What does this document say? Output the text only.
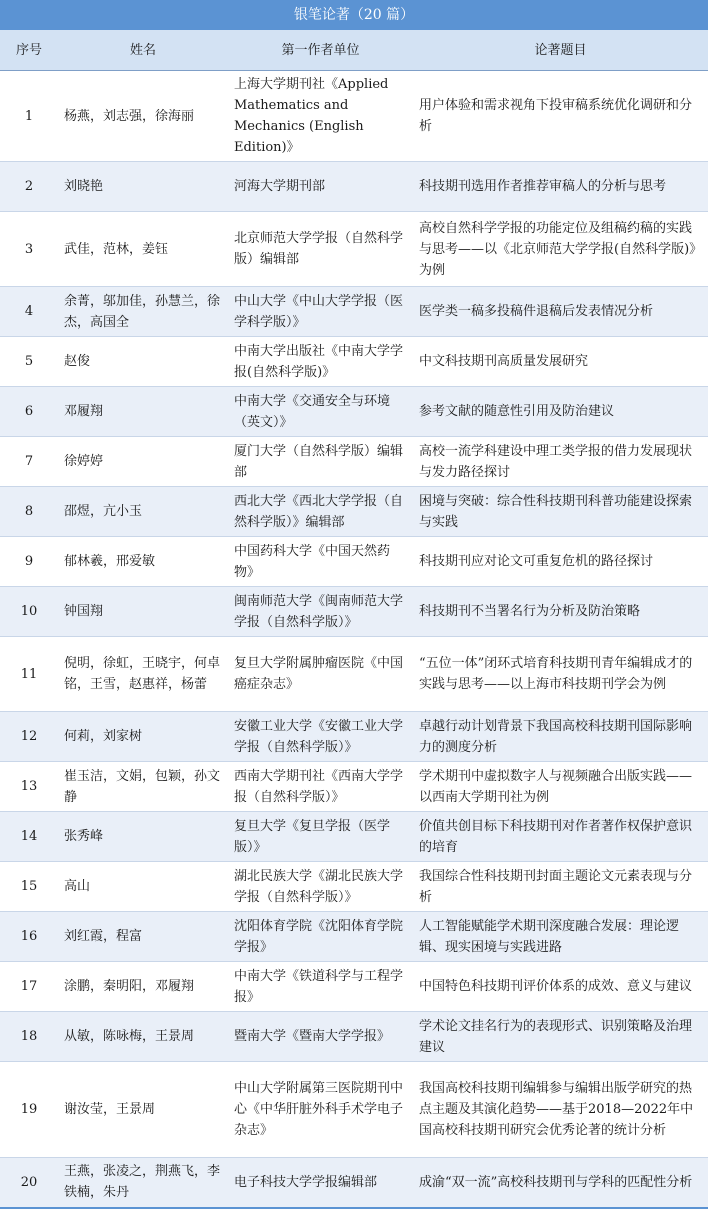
银笔论著（20 篇）			
序号	姓名	第一作者单位	论著题目
1	杨燕，刘志强，徐海丽	上海大学期刊社《Applied Mathematics and Mechanics (English Edition)》	用户体验和需求视角下投审稿系统优化调研和分析
2	刘晓艳	河海大学期刊部	科技期刊选用作者推荐审稿人的分析与思考
3	武佳，范林，姜钰	北京师范大学学报（自然科学版）编辑部	高校自然科学学报的功能定位及组稿约稿的实践与思考——以《北京师范大学学报(自然科学版)》为例
4	余菁，邬加佳，孙慧兰，徐杰，高国全	中山大学《中山大学学报（医学科学版）》	医学类一稿多投稿件退稿后发表情况分析
5	赵俊	中南大学出版社《中南大学学报(自然科学版)》	中文科技期刊高质量发展研究
6	邓履翔	中南大学《交通安全与环境（英文）》	参考文献的随意性引用及防治建议
7	徐婷婷	厦门大学（自然科学版）编辑部	高校一流学科建设中理工类学报的借力发展现状与发力路径探讨
8	邵煜，亢小玉	西北大学《西北大学学报（自然科学版）》编辑部	困境与突破：综合性科技期刊科普功能建设探索与实践
9	郁林羲，邢爱敏	中国药科大学《中国天然药物》	科技期刊应对论文可重复危机的路径探讨
10	钟国翔	闽南师范大学《闽南师范大学学报（自然科学版）》	科技期刊不当署名行为分析及防治策略
11	倪明，徐虹，王晓宇，何卓铭，王雪，赵惠祥，杨蕾	复旦大学附属肿瘤医院《中国癌症杂志》	“五位一体”闭环式培育科技期刊青年编辑成才的实践与思考——以上海市科技期刊学会为例
12	何莉，刘家树	安徽工业大学《安徽工业大学学报（自然科学版）》	卓越行动计划背景下我国高校科技期刊国际影响力的测度分析
13	崔玉洁，文娟，包颖，孙文静	西南大学期刊社《西南大学学报（自然科学版）》	学术期刊中虚拟数字人与视频融合出版实践——以西南大学期刊社为例
14	张秀峰	复旦大学《复旦学报（医学版）》	价值共创目标下科技期刊对作者著作权保护意识的培育
15	高山	湖北民族大学《湖北民族大学学报（自然科学版）》	我国综合性科技期刊封面主题论文元素表现与分析
16	刘红霞，程富	沈阳体育学院《沈阳体育学院学报》	人工智能赋能学术期刊深度融合发展：理论逻辑、现实困境与实践进路
17	涂鹏，秦明阳，邓履翔	中南大学《铁道科学与工程学报》	中国特色科技期刊评价体系的成效、意义与建议
18	从敏，陈咏梅，王景周	暨南大学《暨南大学学报》	学术论文挂名行为的表现形式、识别策略及治理建议
19	谢汝莹，王景周	中山大学附属第三医院期刊中心《中华肝脏外科手术学电子杂志》	我国高校科技期刊编辑参与编辑出版学研究的热点主题及其演化趋势——基于2018—2022年中国高校科技期刊研究会优秀论著的统计分析
20	王燕，张凌之，荆燕飞，李铁楠，朱丹	电子科技大学学报编辑部	成渝“双一流”高校科技期刊与学科的匹配性分析
